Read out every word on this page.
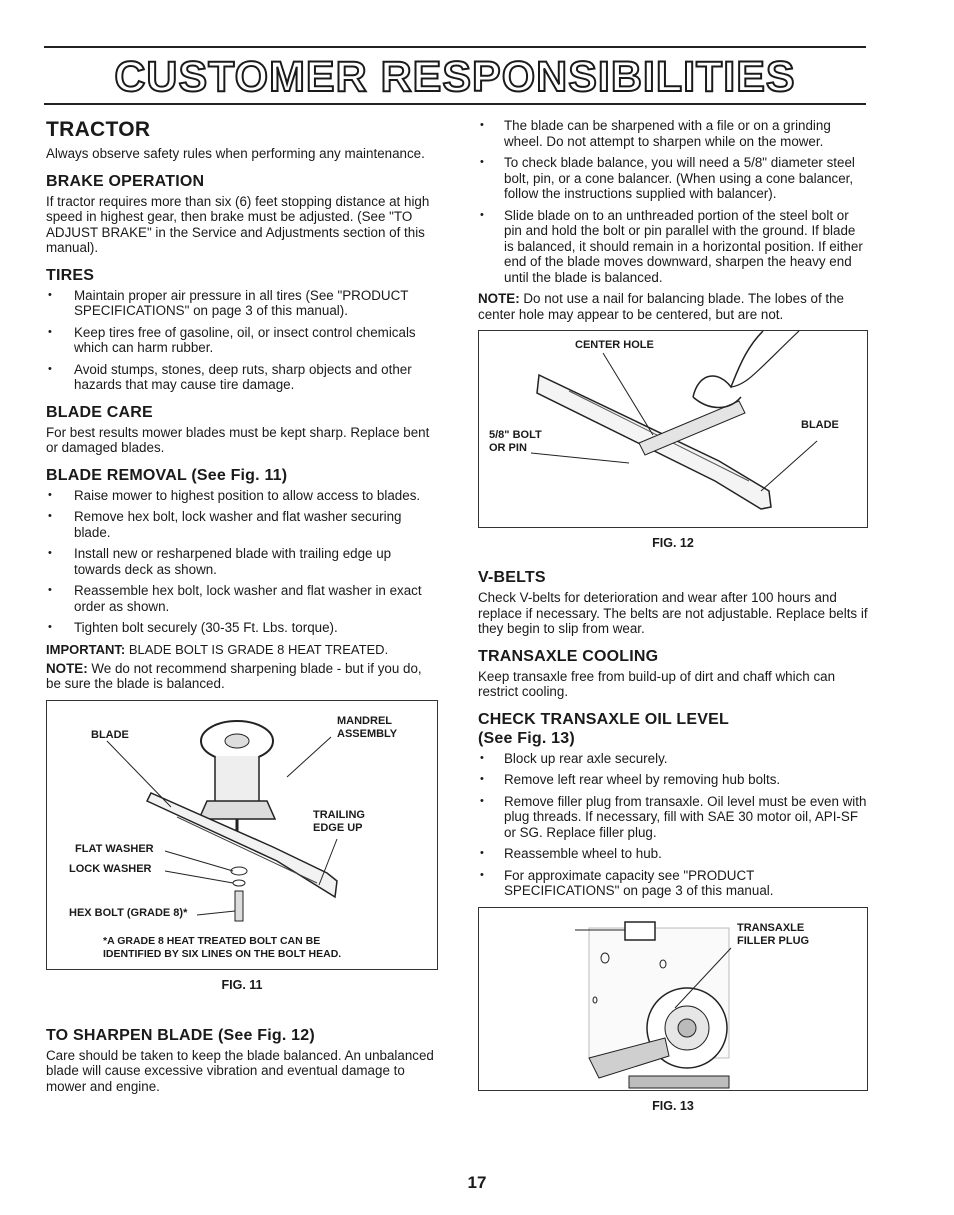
CUSTOMER RESPONSIBILITIES
TRACTOR

Always observe safety rules when performing any maintenance.

BRAKE OPERATION

If tractor requires more than six (6) feet stopping distance at high speed in highest gear, then brake must be adjusted. (See "TO ADJUST BRAKE" in the Service and Adjustments section of this manual).

TIRES
• Maintain proper air pressure in all tires (See "PRODUCT SPECIFICATIONS" on page 3 of this manual).
• Keep tires free of gasoline, oil, or insect control chemicals which can harm rubber.
• Avoid stumps, stones, deep ruts, sharp objects and other hazards that may cause tire damage.
BLADE CARE

For best results mower blades must be kept sharp. Replace bent or damaged blades.

BLADE REMOVAL (See Fig. 11)
• Raise mower to highest position to allow access to blades.
• Remove hex bolt, lock washer and flat washer securing blade.
• Install new or resharpened blade with trailing edge up towards deck as shown.
• Reassemble hex bolt, lock washer and flat washer in exact order as shown.
• Tighten bolt securely (30-35 Ft. Lbs. torque).

IMPORTANT: BLADE BOLT IS GRADE 8 HEAT TREATED.

NOTE: We do not recommend sharpening blade - but if you do, be sure the blade is balanced.

BLADE
MANDREL
ASSEMBLY
TRAILING
EDGE UP
FLAT WASHER
LOCK WASHER
HEX BOLT (GRADE 8)*
*A GRADE 8 HEAT TREATED BOLT CAN BE
IDENTIFIED BY SIX LINES ON THE BOLT HEAD.
FIG. 11
TO SHARPEN BLADE (See Fig. 12)

Care should be taken to keep the blade balanced. An unbalanced blade will cause excessive vibration and eventual damage to mower and engine.

• The blade can be sharpened with a file or on a grinding wheel. Do not attempt to sharpen while on the mower.
• To check blade balance, you will need a 5/8" diameter steel bolt, pin, or a cone balancer. (When using a cone balancer, follow the instructions supplied with balancer).
• Slide blade on to an unthreaded portion of the steel bolt or pin and hold the bolt or pin parallel with the ground. If blade is balanced, it should remain in a horizontal position. If either end of the blade moves downward, sharpen the heavy end until the blade is balanced.

NOTE: Do not use a nail for balancing blade. The lobes of the center hole may appear to be centered, but are not.

CENTER HOLE
5/8" BOLT
OR PIN
BLADE
FIG. 12
V-BELTS

Check V-belts for deterioration and wear after 100 hours and replace if necessary. The belts are not adjustable. Replace belts if they begin to slip from wear.

TRANSAXLE COOLING

Keep transaxle free from build-up of dirt and chaff which can restrict cooling.

CHECK TRANSAXLE OIL LEVEL
(See Fig. 13)
• Block up rear axle securely.
• Remove left rear wheel by removing hub bolts.
• Remove filler plug from transaxle. Oil level must be even with plug threads. If necessary, fill with SAE 30 motor oil, API-SF or SG. Replace filler plug.
• Reassemble wheel to hub.
• For approximate capacity see "PRODUCT SPECIFICATIONS" on page 3 of this manual.
TRANSAXLE
FILLER PLUG
FIG. 13
17
